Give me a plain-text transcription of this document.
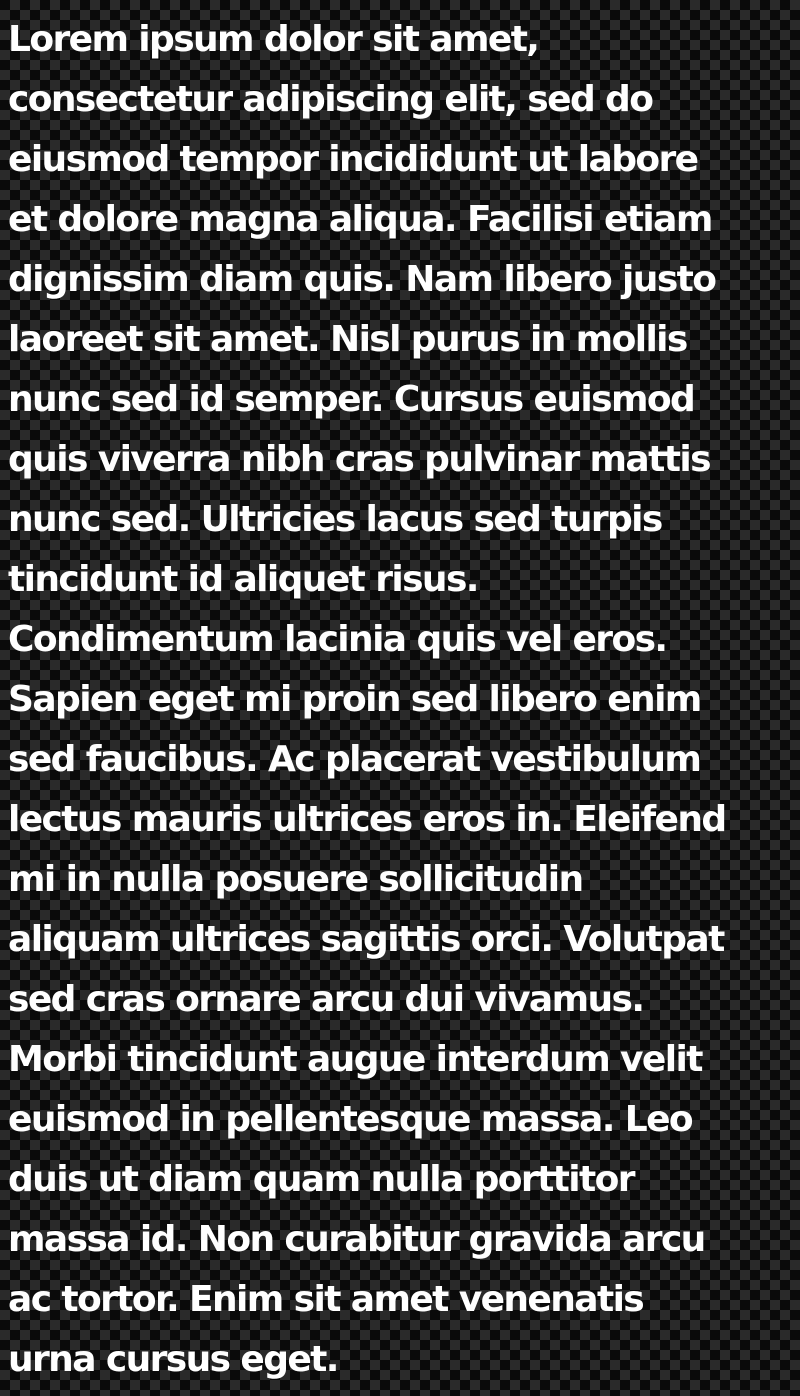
Lorem ipsum dolor sit amet,
consectetur adipiscing elit, sed do
eiusmod tempor incididunt ut labore
et dolore magna aliqua. Facilisi etiam
dignissim diam quis. Nam libero justo
laoreet sit amet. Nisl purus in mollis
nunc sed id semper. Cursus euismod
quis viverra nibh cras pulvinar mattis
nunc sed. Ultricies lacus sed turpis
tincidunt id aliquet risus.
Condimentum lacinia quis vel eros.
Sapien eget mi proin sed libero enim
sed faucibus. Ac placerat vestibulum
lectus mauris ultrices eros in. Eleifend
mi in nulla posuere sollicitudin
aliquam ultrices sagittis orci. Volutpat
sed cras ornare arcu dui vivamus.
Morbi tincidunt augue interdum velit
euismod in pellentesque massa. Leo
duis ut diam quam nulla porttitor
massa id. Non curabitur gravida arcu
ac tortor. Enim sit amet venenatis
urna cursus eget.
